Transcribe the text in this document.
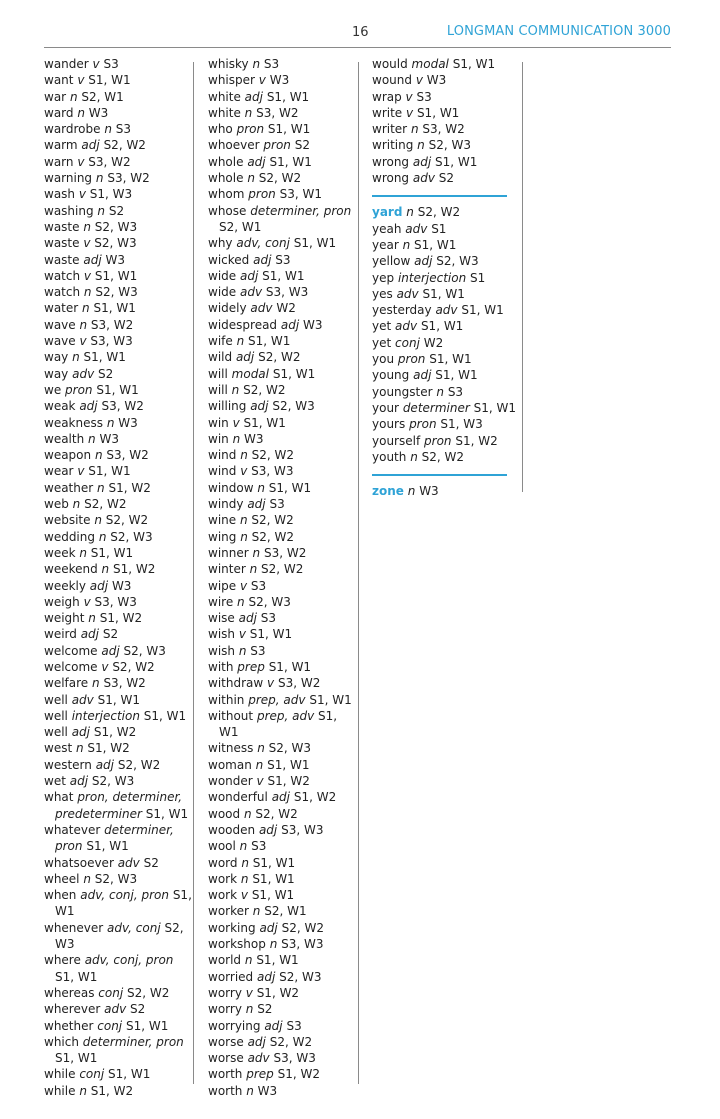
16	LONGMAN COMMUNICATION 3000
wander v S3
want v S1, W1
war n S2, W1
ward n W3
wardrobe n S3
warm adj S2, W2
warn v S3, W2
warning n S3, W2
wash v S1, W3
washing n S2
waste n S2, W3
waste v S2, W3
waste adj W3
watch v S1, W1
watch n S2, W3
water n S1, W1
wave n S3, W2
wave v S3, W3
way n S1, W1
way adv S2
we pron S1, W1
weak adj S3, W2
weakness n W3
wealth n W3
weapon n S3, W2
wear v S1, W1
weather n S1, W2
web n S2, W2
website n S2, W2
wedding n S2, W3
week n S1, W1
weekend n S1, W2
weekly adj W3
weigh v S3, W3
weight n S1, W2
weird adj S2
welcome adj S2, W3
welcome v S2, W2
welfare n S3, W2
well adv S1, W1
well interjection S1, W1
well adj S1, W2
west n S1, W2
western adj S2, W2
wet adj S2, W3
what pron, determiner, predeterminer S1, W1
whatever determiner, pron S1, W1
whatsoever adv S2
wheel n S2, W3
when adv, conj, pron S1, W1
whenever adv, conj S2, W3
where adv, conj, pron S1, W1
whereas conj S2, W2
wherever adv S2
whether conj S1, W1
which determiner, pron S1, W1
while conj S1, W1
while n S1, W2
whisky n S3
whisper v W3
white adj S1, W1
white n S3, W2
who pron S1, W1
whoever pron S2
whole adj S1, W1
whole n S2, W2
whom pron S3, W1
whose determiner, pron S2, W1
why adv, conj S1, W1
wicked adj S3
wide adj S1, W1
wide adv S3, W3
widely adv W2
widespread adj W3
wife n S1, W1
wild adj S2, W2
will modal S1, W1
will n S2, W2
willing adj S2, W3
win v S1, W1
win n W3
wind n S2, W2
wind v S3, W3
window n S1, W1
windy adj S3
wine n S2, W2
wing n S2, W2
winner n S3, W2
winter n S2, W2
wipe v S3
wire n S2, W3
wise adj S3
wish v S1, W1
wish n S3
with prep S1, W1
withdraw v S3, W2
within prep, adv S1, W1
without prep, adv S1, W1
witness n S2, W3
woman n S1, W1
wonder v S1, W2
wonderful adj S1, W2
wood n S2, W2
wooden adj S3, W3
wool n S3
word n S1, W1
work n S1, W1
work v S1, W1
worker n S2, W1
working adj S2, W2
workshop n S3, W3
world n S1, W1
worried adj S2, W3
worry v S1, W2
worry n S2
worrying adj S3
worse adj S2, W2
worse adv S3, W3
worth prep S1, W2
worth n W3
would modal S1, W1
wound v W3
wrap v S3
write v S1, W1
writer n S3, W2
writing n S2, W3
wrong adj S1, W1
wrong adv S2
yard n S2, W2
yeah adv S1
year n S1, W1
yellow adj S2, W3
yep interjection S1
yes adv S1, W1
yesterday adv S1, W1
yet adv S1, W1
yet conj W2
you pron S1, W1
young adj S1, W1
youngster n S3
your determiner S1, W1
yours pron S1, W3
yourself pron S1, W2
youth n S2, W2
zone n W3
